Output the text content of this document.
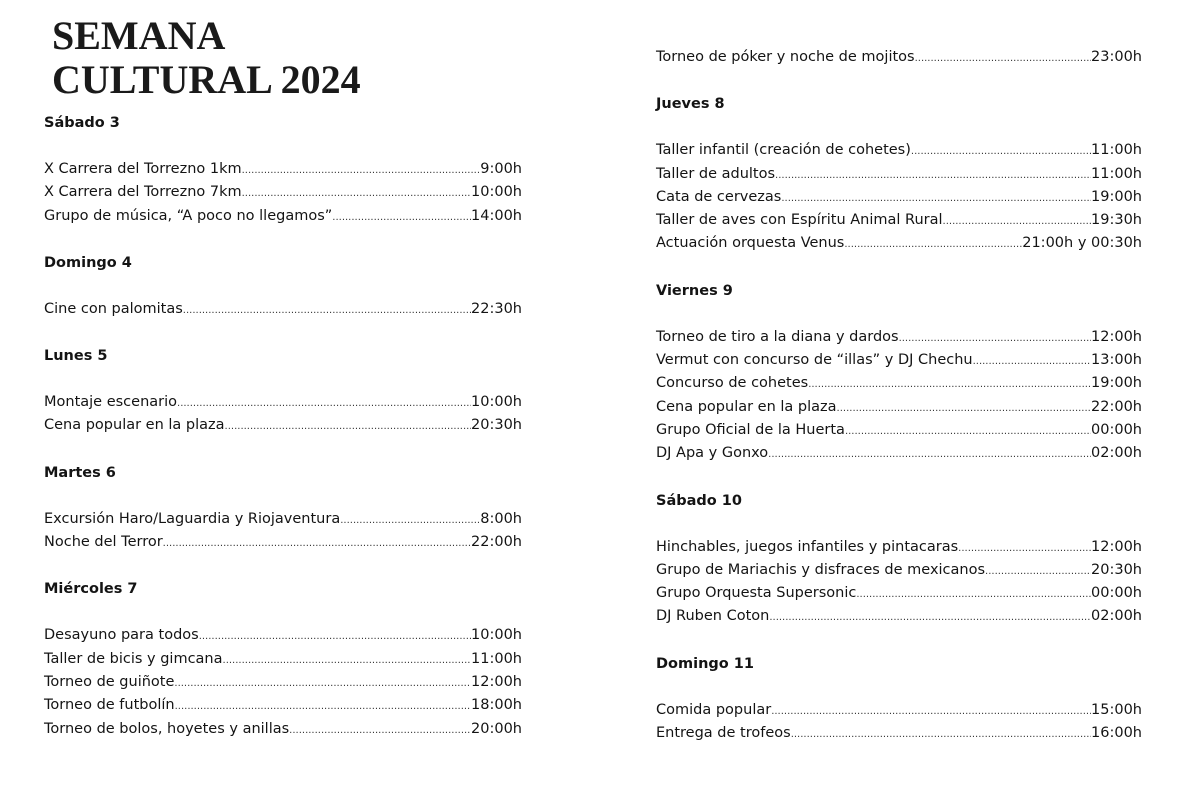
SEMANA
CULTURAL 2024
Sábado 3
X Carrera del Torrezno 1km .....	9:00h
X Carrera del Torrezno 7km .....	10:00h
Grupo de música, “A poco no llegamos” .....	14:00h
Domingo 4
Cine con palomitas .....	22:30h
Lunes 5
Montaje escenario .....	10:00h
Cena popular en la plaza .....	20:30h
Martes 6
Excursión Haro/Laguardia y Riojaventura .....	8:00h
Noche del Terror .....	22:00h
Miércoles 7
Desayuno para todos .....	10:00h
Taller de bicis y gimcana .....	11:00h
Torneo de guiñote .....	12:00h
Torneo de futbolín .....	18:00h
Torneo de bolos, hoyetes y anillas .....	20:00h
Torneo de póker y noche de mojitos .....	23:00h
Jueves 8
Taller infantil (creación de cohetes) .....	11:00h
Taller de adultos .....	11:00h
Cata de cervezas .....	19:00h
Taller de aves con Espíritu Animal Rural .....	19:30h
Actuación orquesta Venus .....	21:00h y 00:30h
Viernes 9
Torneo de tiro a la diana y dardos .....	12:00h
Vermut con concurso de “illas” y DJ Chechu .....	13:00h
Concurso de cohetes .....	19:00h
Cena popular en la plaza .....	22:00h
Grupo Oficial de la Huerta .....	00:00h
DJ Apa y Gonxo .....	02:00h
Sábado 10
Hinchables, juegos infantiles y pintacaras .....	12:00h
Grupo de Mariachis y disfraces de mexicanos .....	20:30h
Grupo Orquesta Supersonic .....	00:00h
DJ Ruben Coton .....	02:00h
Domingo 11
Comida popular .....	15:00h
Entrega de trofeos .....	16:00h
